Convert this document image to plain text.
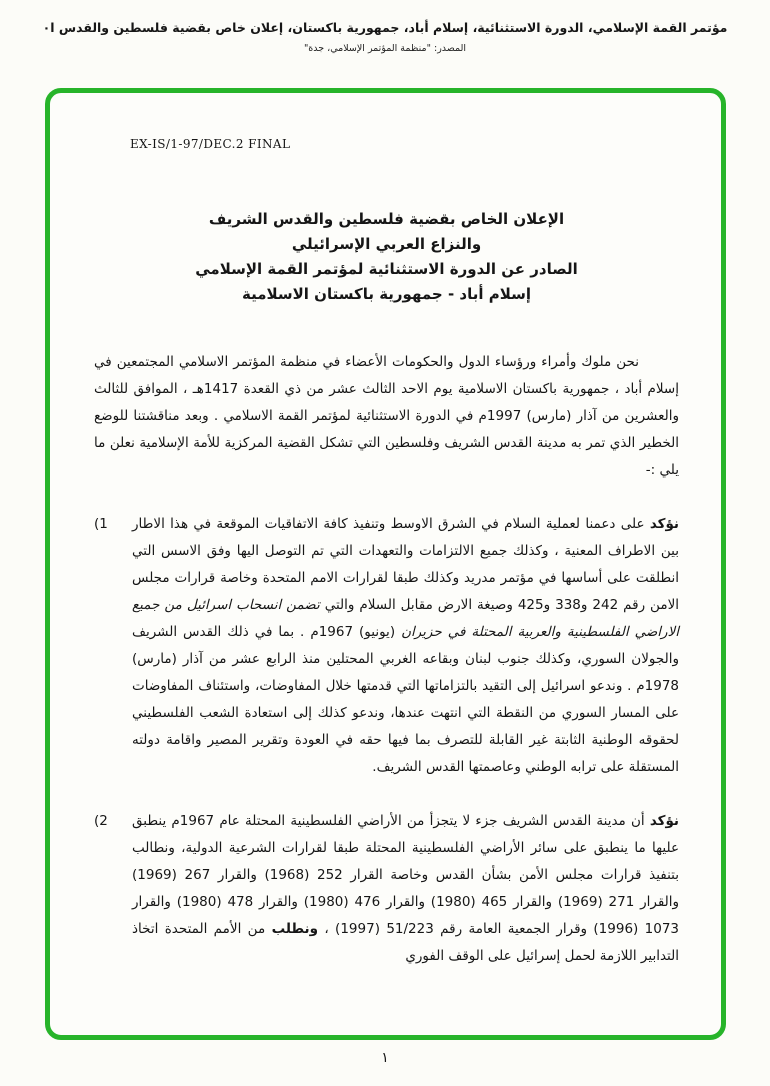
مؤتمر القمة الإسلامي، الدورة الاستثنائية، إسلام أباد، جمهورية باكستان، إعلان خاص بقضية فلسطين والقدس ا٠
المصدر: "منظمة المؤتمر الإسلامي، جدة"
EX-IS/1-97/DEC.2 FINAL
الإعلان الخاص بقضية فلسطين والقدس الشريف
والنزاع العربي الإسرائيلي
الصادر عن الدورة الاستثنائية لمؤتمر القمة الإسلامي
إسلام أباد - جمهورية باكستان الاسلامية

نحن ملوك وأمراء ورؤساء الدول والحكومات الأعضاء في منظمة المؤتمر الاسلامي المجتمعين في إسلام أباد ، جمهورية باكستان الاسلامية يوم الاحد الثالث عشر من ذي القعدة 1417هـ ، الموافق للثالث والعشرين من آذار (مارس) 1997م في الدورة الاستثنائية لمؤتمر القمة الاسلامي . وبعد مناقشتنا للوضع الخطير الذي تمر به مدينة القدس الشريف وفلسطين التي تشكل القضية المركزية للأمة الإسلامية نعلن ما يلي :-

(1	نؤكد على دعمنا لعملية السلام في الشرق الاوسط وتنفيذ كافة الاتفاقيات الموقعة في هذا الاطار بين الاطراف المعنية ، وكذلك جميع الالتزامات والتعهدات التي تم التوصل اليها وفق الاسس التي انطلقت على أساسها في مؤتمر مدريد وكذلك طبقا لقرارات الامم المتحدة وخاصة قرارات مجلس الامن رقم 242 و338 و425 وصيغة الارض مقابل السلام والتي تضمن انسحاب اسرائيل من جميع الاراضي الفلسطينية والعربية المحتلة في حزيران (يونيو) 1967م . بما في ذلك القدس الشريف والجولان السوري، وكذلك جنوب لبنان وبقاعه الغربي المحتلين منذ الرابع عشر من آذار (مارس) 1978م . وندعو اسرائيل إلى التقيد بالتزاماتها التي قدمتها خلال المفاوضات، واستئناف المفاوضات على المسار السوري من النقطة التي انتهت عندها، وندعو كذلك إلى استعادة الشعب الفلسطيني لحقوقه الوطنية الثابتة غير القابلة للتصرف بما فيها حقه في العودة وتقرير المصير واقامة دولته المستقلة على ترابه الوطني وعاصمتها القدس الشريف.

(2	نؤكد أن مدينة القدس الشريف جزء لا يتجزأ من الأراضي الفلسطينية المحتلة عام 1967م ينطبق عليها ما ينطبق على سائر الأراضي الفلسطينية المحتلة طبقا لقرارات الشرعية الدولية، ونطالب بتنفيذ قرارات مجلس الأمن بشأن القدس وخاصة القرار 252 (1968) والقرار 267 (1969) والقرار 271 (1969) والقرار 465 (1980) والقرار 476 (1980) والقرار 478 (1980) والقرار 1073 (1996) وقرار الجمعية العامة رقم 51/223 (1997) ، ونطلب من الأمم المتحدة اتخاذ التدابير اللازمة لحمل إسرائيل على الوقف الفوري

١
